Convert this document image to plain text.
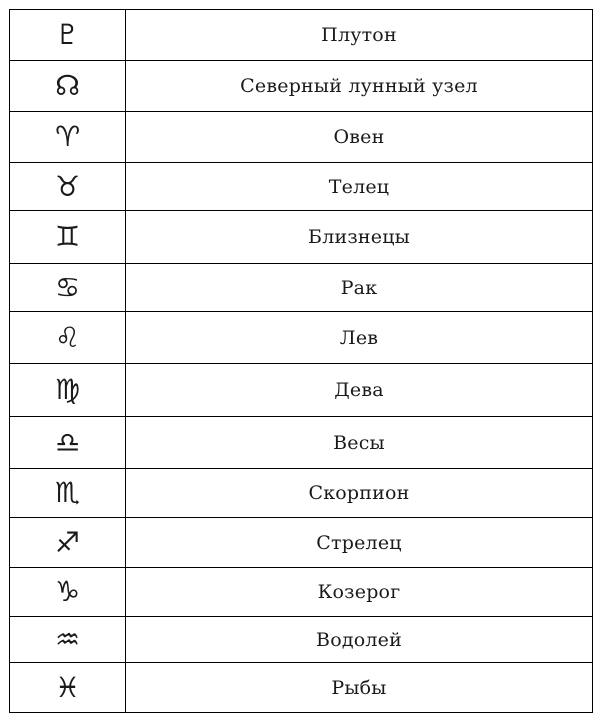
♇	Плутон
☊	Северный лунный узел
♈︎	Овен
♉︎	Телец
♊︎	Близнецы
♋︎	Рак
♌︎	Лев
♍︎	Дева
♎︎	Весы
♏︎	Скорпион
♐︎	Стрелец
♑︎	Козерог
♒︎	Водолей
♓︎	Рыбы
